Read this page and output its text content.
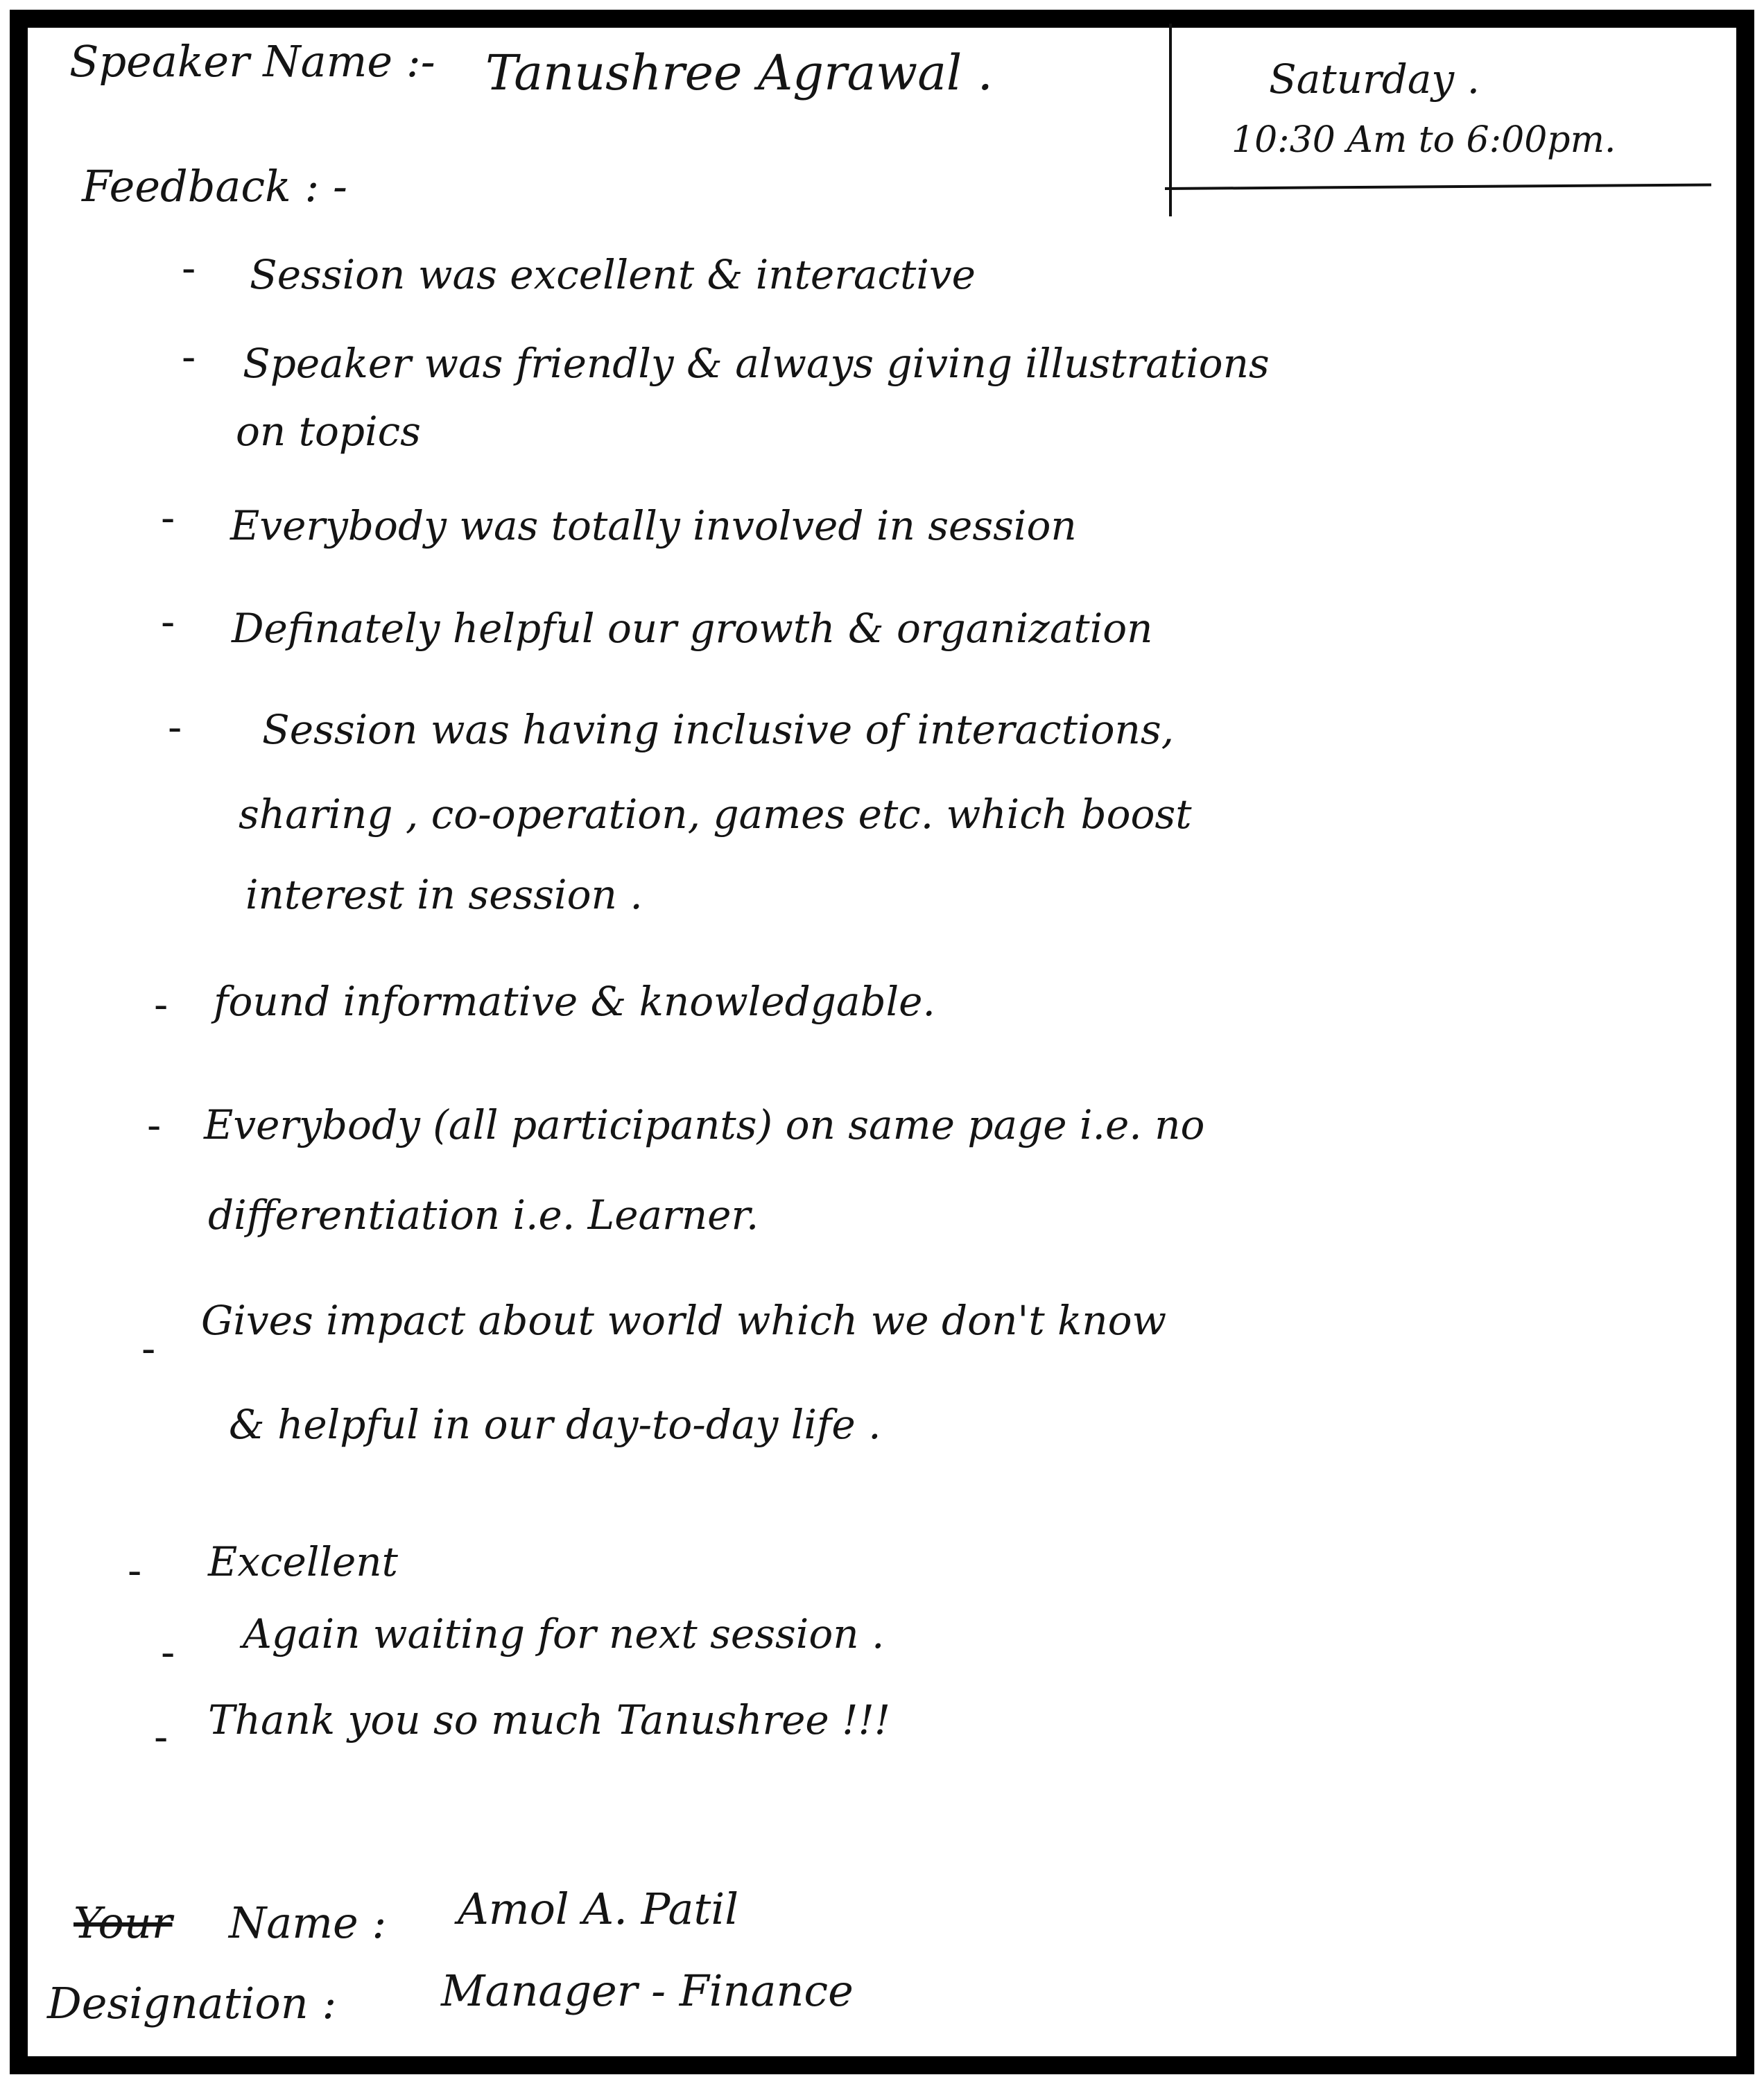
Speaker Name :- Tanushree Agrawal .	Saturday .
10:30 Am to 6:00pm.
Feedback : -
- Session was excellent & interactive
- Speaker was friendly & always giving illustrations
on topics
- Everybody was totally involved in session
- Definately helpful our growth & organization
- Session was having inclusive of interactions,
sharing , co-operation, games etc. which boost
interest in session .
- found informative & knowledgable.
- Everybody (all participants) on same page i.e. no
differentiation i.e. Learner.
-
Gives impact about world which we don't know
& helpful in our day-to-day life .
- Excellent
- Again waiting for next session .
- Thank you so much Tanushree !!!
Your Name : Amol A. Patil
Designation : Manager - Finance
